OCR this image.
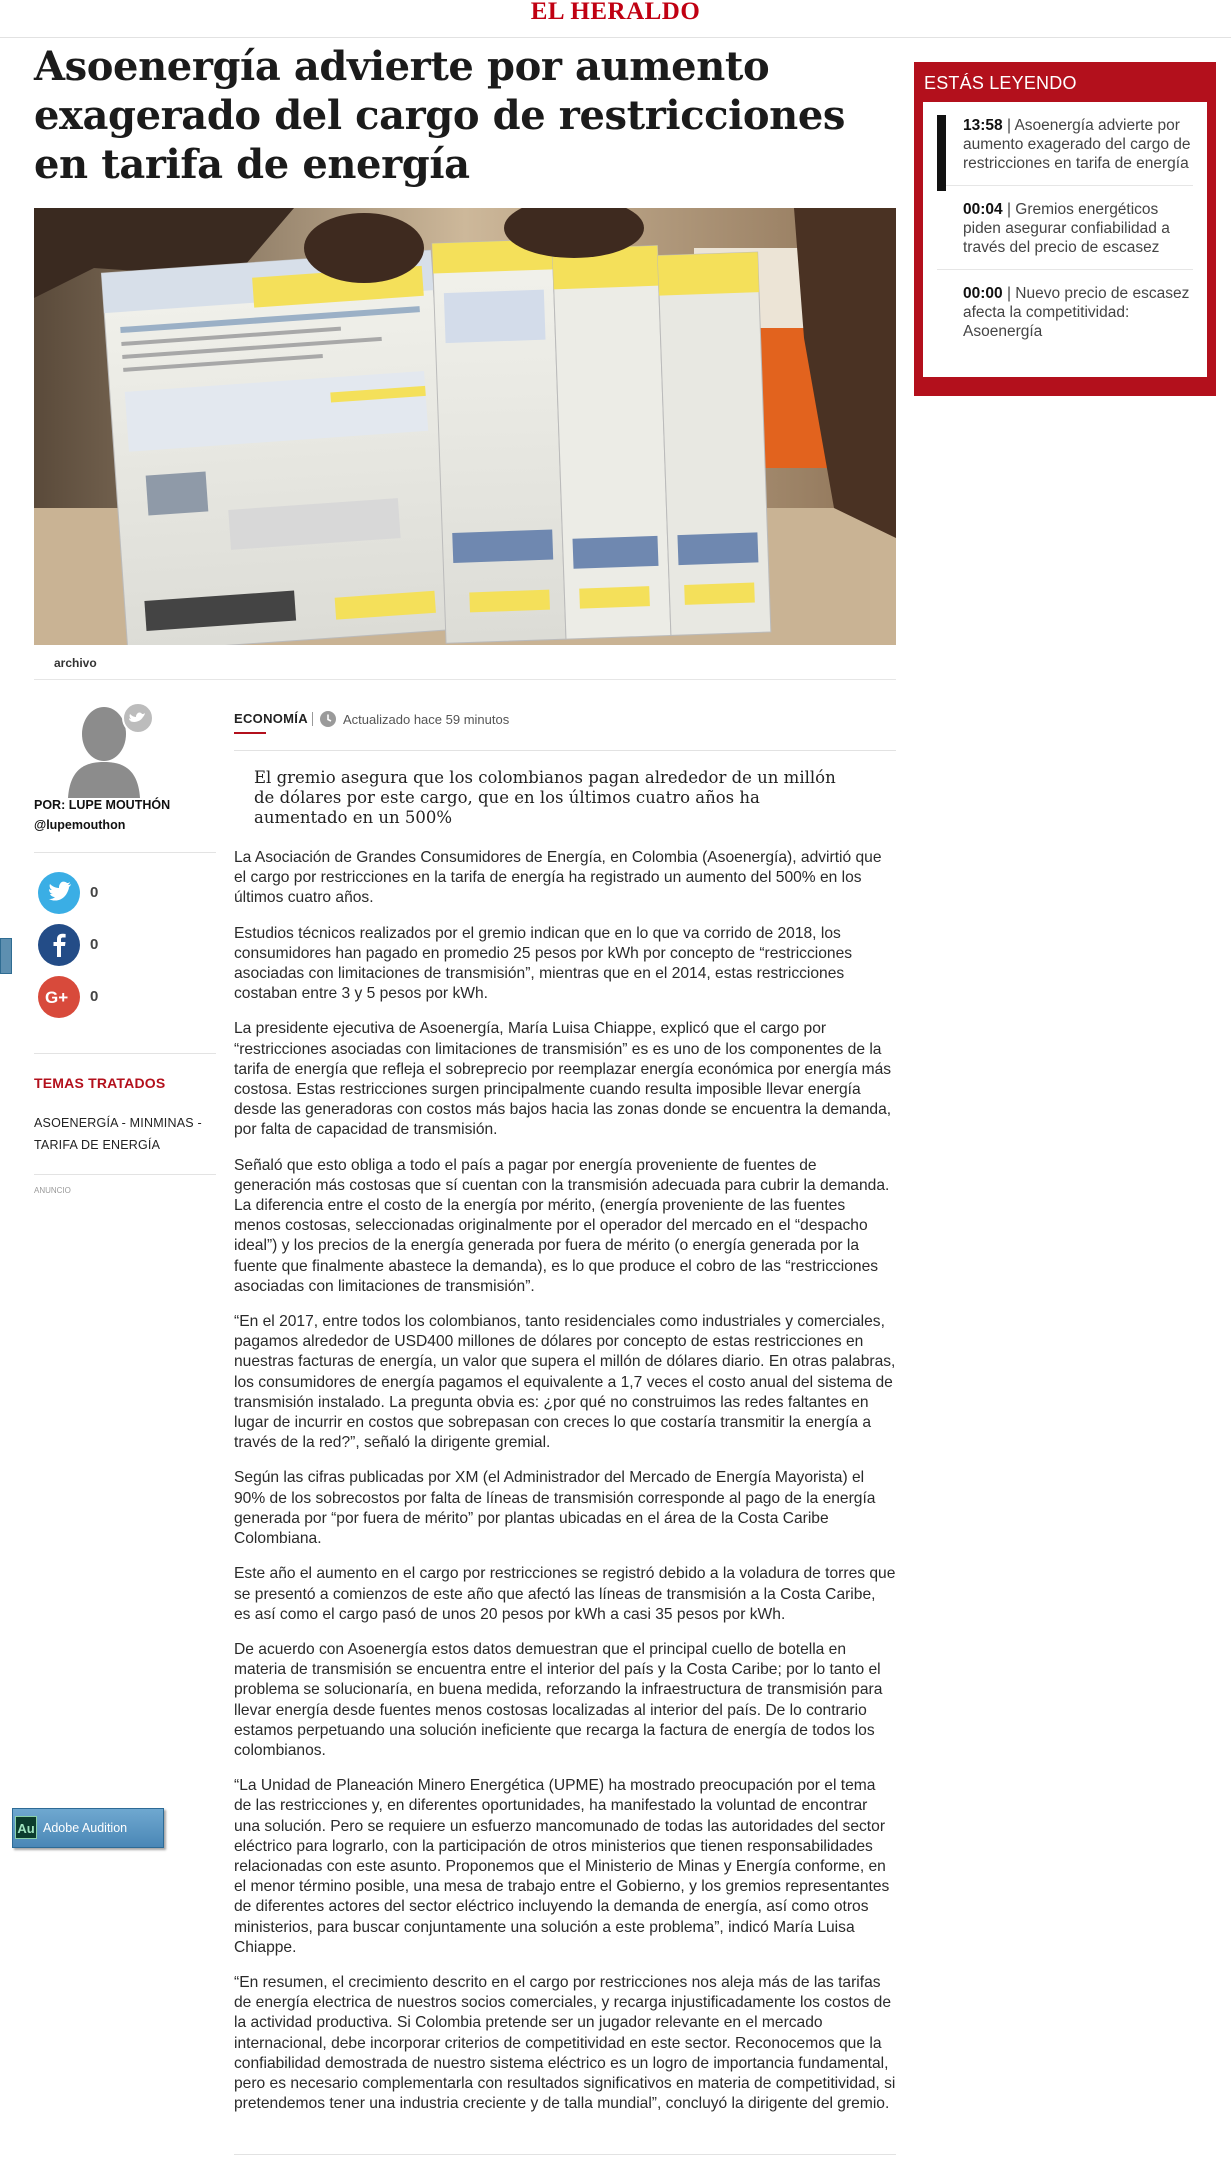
EL HERALDO
Asoenergía advierte por aumento exagerado del cargo de restricciones en tarifa de energía
archivo
ESTÁS LEYENDO
13:58 | Asoenergía advierte por aumento exagerado del cargo de restricciones en tarifa de energía
00:04 | Gremios energéticos piden asegurar confiabilidad a través del precio de escasez
00:00 | Nuevo precio de escasez afecta la competitividad: Asoenergía
POR: LUPE MOUTHÓN
@lupemouthon
0
0
G+ 0
TEMAS TRATADOS
ASOENERGÍA - MINMINAS - TARIFA DE ENERGÍA
ANUNCIO
Au Adobe Audition
ECONOMÍA	Actualizado hace 59 minutos
El gremio asegura que los colombianos pagan alrededor de un millón de dólares por este cargo, que en los últimos cuatro años ha aumentado en un 500%

La Asociación de Grandes Consumidores de Energía, en Colombia (Asoenergía), advirtió que el cargo por restricciones en la tarifa de energía ha registrado un aumento del 500% en los últimos cuatro años.

Estudios técnicos realizados por el gremio indican que en lo que va corrido de 2018, los consumidores han pagado en promedio 25 pesos por kWh por concepto de “restricciones asociadas con limitaciones de transmisión”, mientras que en el 2014, estas restricciones costaban entre 3 y 5 pesos por kWh.

La presidente ejecutiva de Asoenergía, María Luisa Chiappe, explicó que el cargo por “restricciones asociadas con limitaciones de transmisión” es es uno de los componentes de la tarifa de energía que refleja el sobreprecio por reemplazar energía económica por energía más costosa. Estas restricciones surgen principalmente cuando resulta imposible llevar energía desde las generadoras con costos más bajos hacia las zonas donde se encuentra la demanda, por falta de capacidad de transmisión.

Señaló que esto obliga a todo el país a pagar por energía proveniente de fuentes de generación más costosas que sí cuentan con la transmisión adecuada para cubrir la demanda. La diferencia entre el costo de la energía por mérito, (energía proveniente de las fuentes menos costosas, seleccionadas originalmente por el operador del mercado en el “despacho ideal”) y los precios de la energía generada por fuera de mérito (o energía generada por la fuente que finalmente abastece la demanda), es lo que produce el cobro de las “restricciones asociadas con limitaciones de transmisión”.

“En el 2017, entre todos los colombianos, tanto residenciales como industriales y comerciales, pagamos alrededor de USD400 millones de dólares por concepto de estas restricciones en nuestras facturas de energía, un valor que supera el millón de dólares diario. En otras palabras, los consumidores de energía pagamos el equivalente a 1,7 veces el costo anual del sistema de transmisión instalado. La pregunta obvia es: ¿por qué no construimos las redes faltantes en lugar de incurrir en costos que sobrepasan con creces lo que costaría transmitir la energía a través de la red?”, señaló la dirigente gremial.

Según las cifras publicadas por XM (el Administrador del Mercado de Energía Mayorista) el 90% de los sobrecostos por falta de líneas de transmisión corresponde al pago de la energía generada por “por fuera de mérito” por plantas ubicadas en el área de la Costa Caribe Colombiana.

Este año el aumento en el cargo por restricciones se registró debido a la voladura de torres que se presentó a comienzos de este año que afectó las líneas de transmisión a la Costa Caribe, es así como el cargo pasó de unos 20 pesos por kWh a casi 35 pesos por kWh.

De acuerdo con Asoenergía estos datos demuestran que el principal cuello de botella en materia de transmisión se encuentra entre el interior del país y la Costa Caribe; por lo tanto el problema se solucionaría, en buena medida, reforzando la infraestructura de transmisión para llevar energía desde fuentes menos costosas localizadas al interior del país. De lo contrario estamos perpetuando una solución ineficiente que recarga la factura de energía de todos los colombianos.

“La Unidad de Planeación Minero Energética (UPME) ha mostrado preocupación por el tema de las restricciones y, en diferentes oportunidades, ha manifestado la voluntad de encontrar una solución. Pero se requiere un esfuerzo mancomunado de todas las autoridades del sector eléctrico para lograrlo, con la participación de otros ministerios que tienen responsabilidades relacionadas con este asunto. Proponemos que el Ministerio de Minas y Energía conforme, en el menor término posible, una mesa de trabajo entre el Gobierno, y los gremios representantes de diferentes actores del sector eléctrico incluyendo la demanda de energía, así como otros ministerios, para buscar conjuntamente una solución a este problema”, indicó María Luisa Chiappe.

“En resumen, el crecimiento descrito en el cargo por restricciones nos aleja más de las tarifas de energía electrica de nuestros socios comerciales, y recarga injustificadamente los costos de la actividad productiva. Si Colombia pretende ser un jugador relevante en el mercado internacional, debe incorporar criterios de competitividad en este sector. Reconocemos que la confiabilidad demostrada de nuestro sistema eléctrico es un logro de importancia fundamental, pero es necesario complementarla con resultados significativos en materia de competitividad, si pretendemos tener una industria creciente y de talla mundial”, concluyó la dirigente del gremio.
